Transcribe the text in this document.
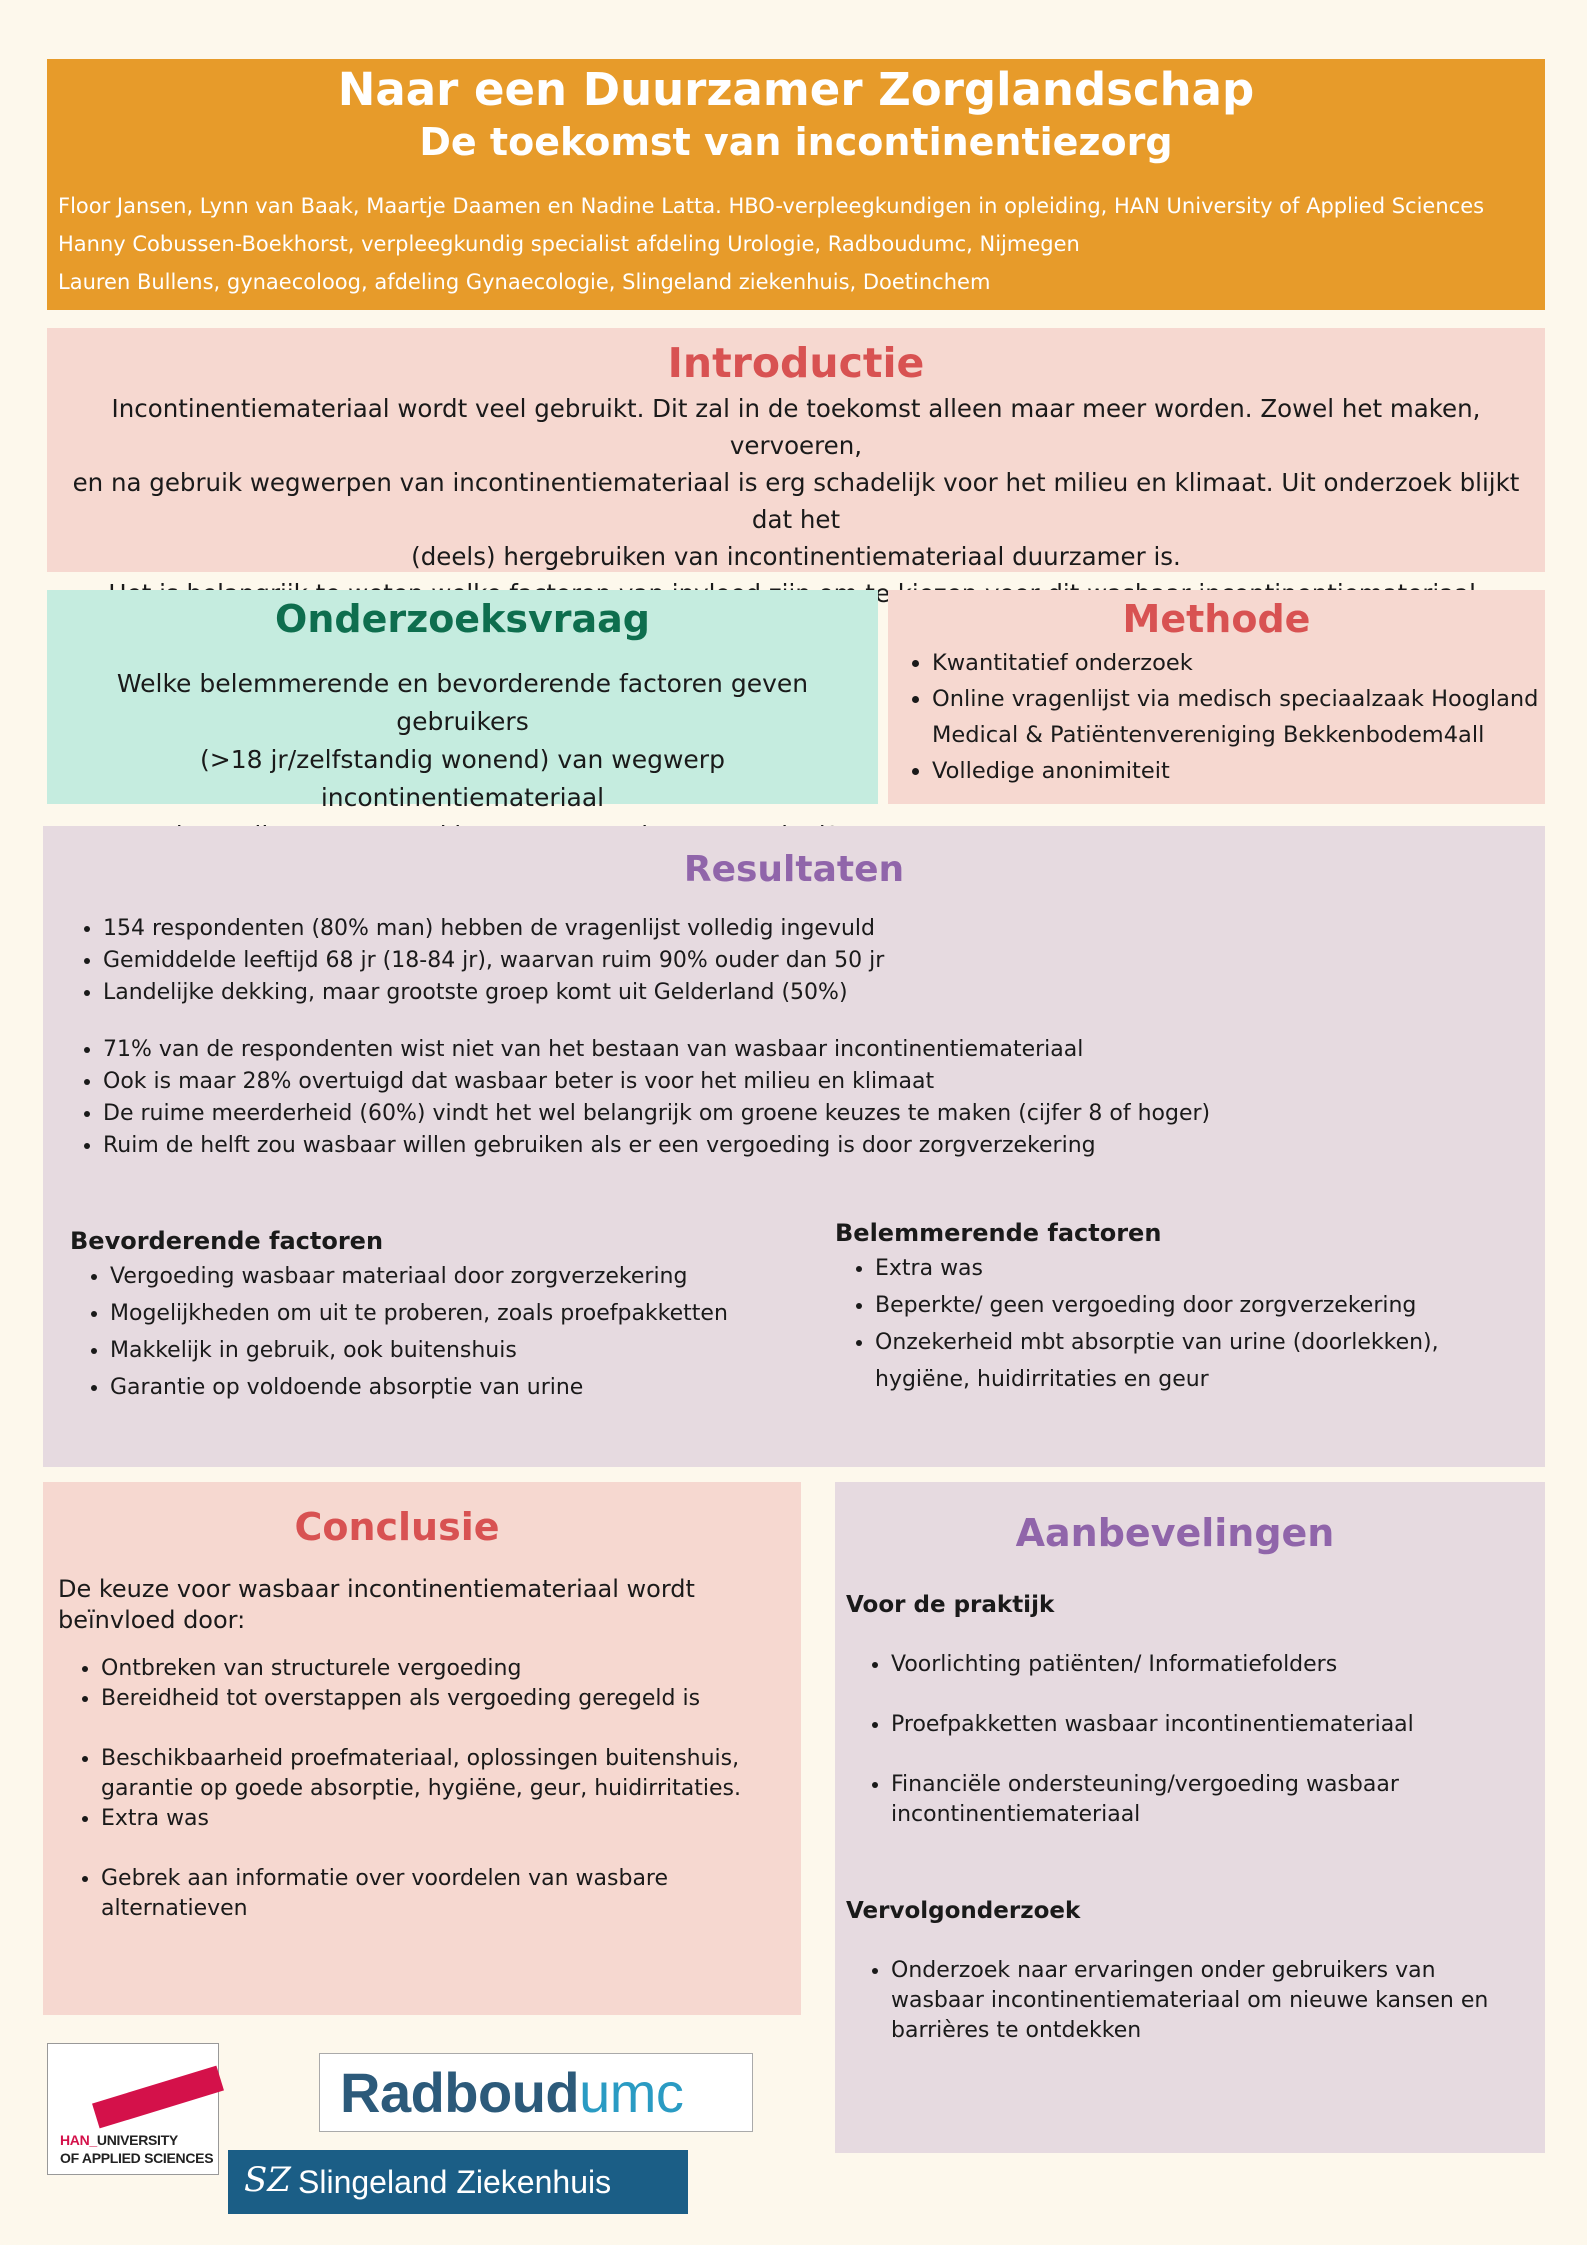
Naar een Duurzamer Zorglandschap
De toekomst van incontinentiezorg
Floor Jansen, Lynn van Baak, Maartje Daamen en Nadine Latta. HBO-verpleegkundigen in opleiding, HAN University of Applied Sciences
Hanny Cobussen-Boekhorst, verpleegkundig specialist afdeling Urologie, Radboudumc, Nijmegen
Lauren Bullens, gynaecoloog, afdeling Gynaecologie, Slingeland ziekenhuis, Doetinchem
Introductie
Incontinentiemateriaal wordt veel gebruikt. Dit zal in de toekomst alleen maar meer worden. Zowel het maken, vervoeren,
en na gebruik wegwerpen van incontinentiemateriaal is erg schadelijk voor het milieu en klimaat. Uit onderzoek blijkt dat het
(deels) hergebruiken van incontinentiemateriaal duurzamer is.
Onderzoeksvraag
Welke belemmerende en bevorderende factoren geven gebruikers
(>18 jr/zelfstandig wonend) van wegwerp incontinentiemateriaal
Methode
• Kwantitatief onderzoek
• Online vragenlijst via medisch speciaalzaak Hoogland Medical & Patiëntenvereniging Bekkenbodem4all
• Volledige anonimiteit
Resultaten
• 154 respondenten (80% man) hebben de vragenlijst volledig ingevuld
• Gemiddelde leeftijd 68 jr (18-84 jr), waarvan ruim 90% ouder dan 50 jr
• Landelijke dekking, maar grootste groep komt uit Gelderland (50%)
• 71% van de respondenten wist niet van het bestaan van wasbaar incontinentiemateriaal
• Ook is maar 28% overtuigd dat wasbaar beter is voor het milieu en klimaat
• De ruime meerderheid (60%) vindt het wel belangrijk om groene keuzes te maken (cijfer 8 of hoger)
• Ruim de helft zou wasbaar willen gebruiken als er een vergoeding is door zorgverzekering
Bevorderende factoren
• Vergoeding wasbaar materiaal door zorgverzekering
• Mogelijkheden om uit te proberen, zoals proefpakketten
• Makkelijk in gebruik, ook buitenshuis
• Garantie op voldoende absorptie van urine
Belemmerende factoren
• Extra was
• Beperkte/ geen vergoeding door zorgverzekering
• Onzekerheid mbt absorptie van urine (doorlekken), hygiëne, huidirritaties en geur
Conclusie
De keuze voor wasbaar incontinentiemateriaal wordt beïnvloed door:
• Ontbreken van structurele vergoeding
• Bereidheid tot overstappen als vergoeding geregeld is
• Beschikbaarheid proefmateriaal, oplossingen buitenshuis, garantie op goede absorptie, hygiëne, geur, huidirritaties.
• Extra was
• Gebrek aan informatie over voordelen van wasbare alternatieven
Aanbevelingen
Voor de praktijk
• Voorlichting patiënten/ Informatiefolders
• Proefpakketten wasbaar incontinentiemateriaal
• Financiële ondersteuning/vergoeding wasbaar incontinentiemateriaal
Vervolgonderzoek
• Onderzoek naar ervaringen onder gebruikers van wasbaar incontinentiemateriaal om nieuwe kansen en barrières te ontdekken
HAN_UNIVERSITY
OF APPLIED SCIENCES
Radboudumc
SZ Slingeland Ziekenhuis
